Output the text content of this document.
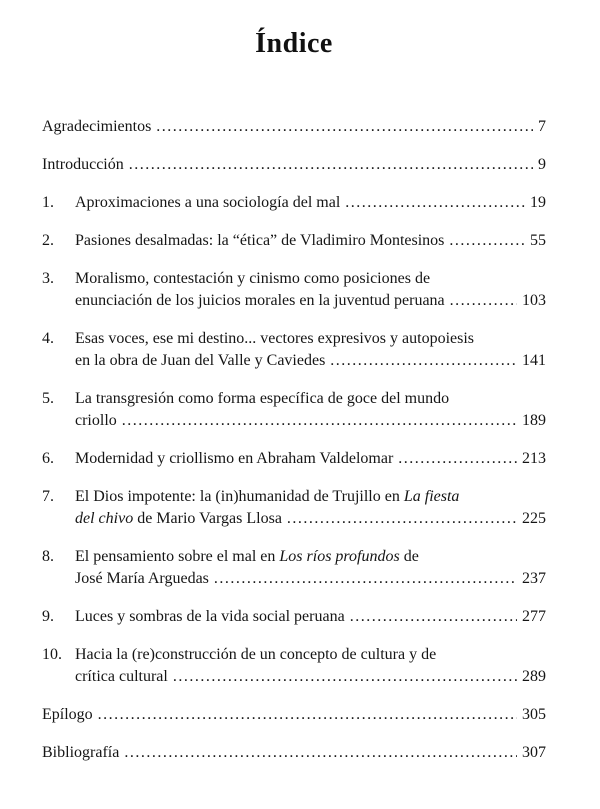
Índice
Agradecimientos .....	7
Introducción .....	9
1.	Aproximaciones a una sociología del mal .....	19
2.	Pasiones desalmadas: la “ética” de Vladimiro Montesinos .....	55
3.	Moralismo, contestación y cinismo como posiciones de
enunciación de los juicios morales en la juventud peruana .....	103
4.	Esas voces, ese mi destino... vectores expresivos y autopoiesis
en la obra de Juan del Valle y Caviedes .....	141
5.	La transgresión como forma específica de goce del mundo
criollo .....	189
6.	Modernidad y criollismo en Abraham Valdelomar .....	213
7.	El Dios impotente: la (in)humanidad de Trujillo en La fiesta
del chivo de Mario Vargas Llosa .....	225
8.	El pensamiento sobre el mal en Los ríos profundos de
José María Arguedas .....	237
9.	Luces y sombras de la vida social peruana .....	277
10. Hacia la (re)construcción de un concepto de cultura y de
crítica cultural .....	289
Epílogo .....	305
Bibliografía .....	307
